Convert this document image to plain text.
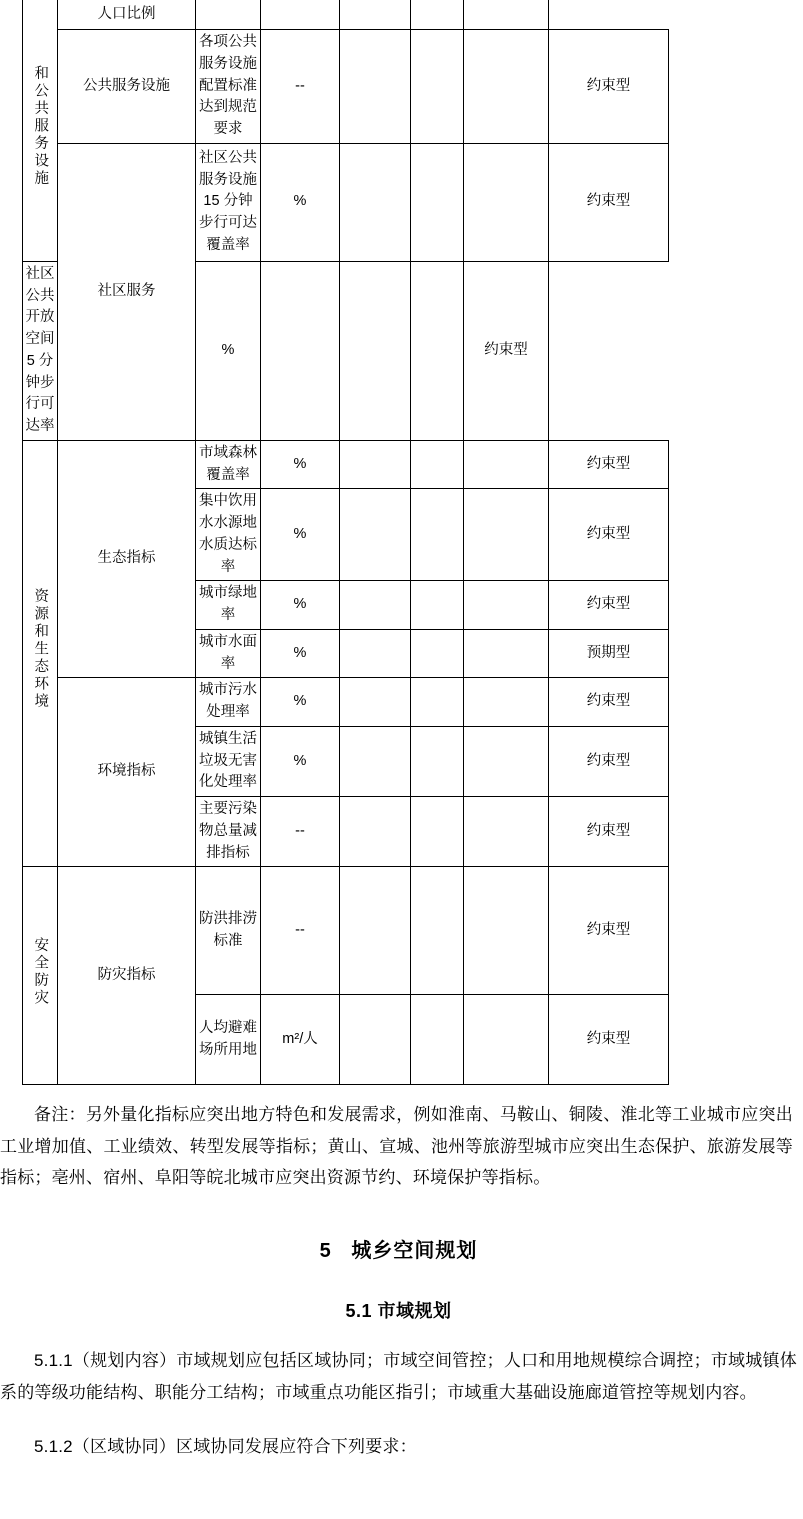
和公共服务设施	人口比例						
	公共服务设施	各项公共服务设施配置标准达到规范要求	--				约束型
	社区服务	社区公共服务设施 15 分钟步行可达覆盖率	%				约束型
社区公共开放空间 5 分钟步行可达率		%				约束型	
资源和生态环境	生态指标	市域森林覆盖率	%				约束型
		集中饮用水水源地水质达标率	%				约束型
		城市绿地率	%				约束型
		城市水面率	%				预期型
	环境指标	城市污水处理率	%				约束型
		城镇生活垃圾无害化处理率	%				约束型
		主要污染物总量减排指标	--				约束型
安全防灾	防灾指标	防洪排涝标准	--				约束型
		人均避难场所用地	m²/人				约束型

备注：另外量化指标应突出地方特色和发展需求，例如淮南、马鞍山、铜陵、淮北等工业城市应突出工业增加值、工业绩效、转型发展等指标；黄山、宣城、池州等旅游型城市应突出生态保护、旅游发展等指标；亳州、宿州、阜阳等皖北城市应突出资源节约、环境保护等指标。

5 城乡空间规划
5.1 市域规划

5.1.1（规划内容）市域规划应包括区域协同；市域空间管控；人口和用地规模综合调控；市域城镇体系的等级功能结构、职能分工结构；市域重点功能区指引；市域重大基础设施廊道管控等规划内容。

5.1.2（区域协同）区域协同发展应符合下列要求：
